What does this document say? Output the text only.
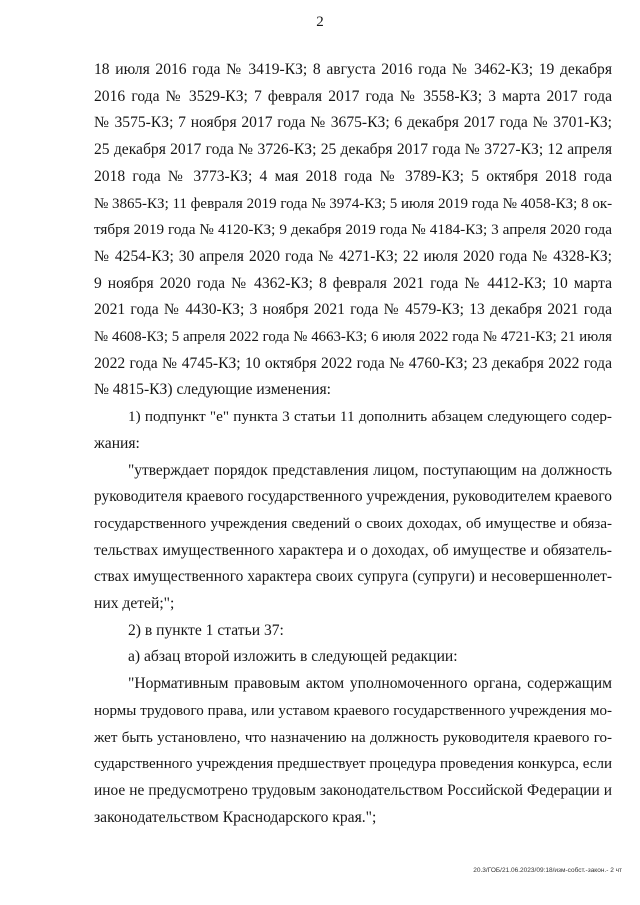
2
18 июля 2016 года № 3419-КЗ; 8 августа 2016 года № 3462-КЗ; 19 декабря
2016 года № 3529-КЗ; 7 февраля 2017 года № 3558-КЗ; 3 марта 2017 года
№ 3575-КЗ; 7 ноября 2017 года № 3675-КЗ; 6 декабря 2017 года № 3701-КЗ;
25 декабря 2017 года № 3726-КЗ; 25 декабря 2017 года № 3727-КЗ; 12 апреля
2018 года № 3773-КЗ; 4 мая 2018 года № 3789-КЗ; 5 октября 2018 года
№ 3865-КЗ; 11 февраля 2019 года № 3974-КЗ; 5 июля 2019 года № 4058-КЗ; 8 ок-
тября 2019 года № 4120-КЗ; 9 декабря 2019 года № 4184-КЗ; 3 апреля 2020 года
№ 4254-КЗ; 30 апреля 2020 года № 4271-КЗ; 22 июля 2020 года № 4328-КЗ;
9 ноября 2020 года № 4362-КЗ; 8 февраля 2021 года № 4412-КЗ; 10 марта
2021 года № 4430-КЗ; 3 ноября 2021 года № 4579-КЗ; 13 декабря 2021 года
№ 4608-КЗ; 5 апреля 2022 года № 4663-КЗ; 6 июля 2022 года № 4721-КЗ; 21 июля
2022 года № 4745-КЗ; 10 октября 2022 года № 4760-КЗ; 23 декабря 2022 года
№ 4815-КЗ) следующие изменения:
1) подпункт "е" пункта 3 статьи 11 дополнить абзацем следующего содер-
жания:
"утверждает порядок представления лицом, поступающим на должность
руководителя краевого государственного учреждения, руководителем краевого
государственного учреждения сведений о своих доходах, об имуществе и обяза-
тельствах имущественного характера и о доходах, об имуществе и обязатель-
ствах имущественного характера своих супруга (супруги) и несовершеннолет-
них детей;";
2) в пункте 1 статьи 37:
а) абзац второй изложить в следующей редакции:
"Нормативным правовым актом уполномоченного органа, содержащим
нормы трудового права, или уставом краевого государственного учреждения мо-
жет быть установлено, что назначению на должность руководителя краевого го-
сударственного учреждения предшествует процедура проведения конкурса, если
иное не предусмотрено трудовым законодательством Российской Федерации и
законодательством Краснодарского края.";
20.3/ГОБ/21.06.2023/09:18/изм-собст.-закон.- 2 чт
